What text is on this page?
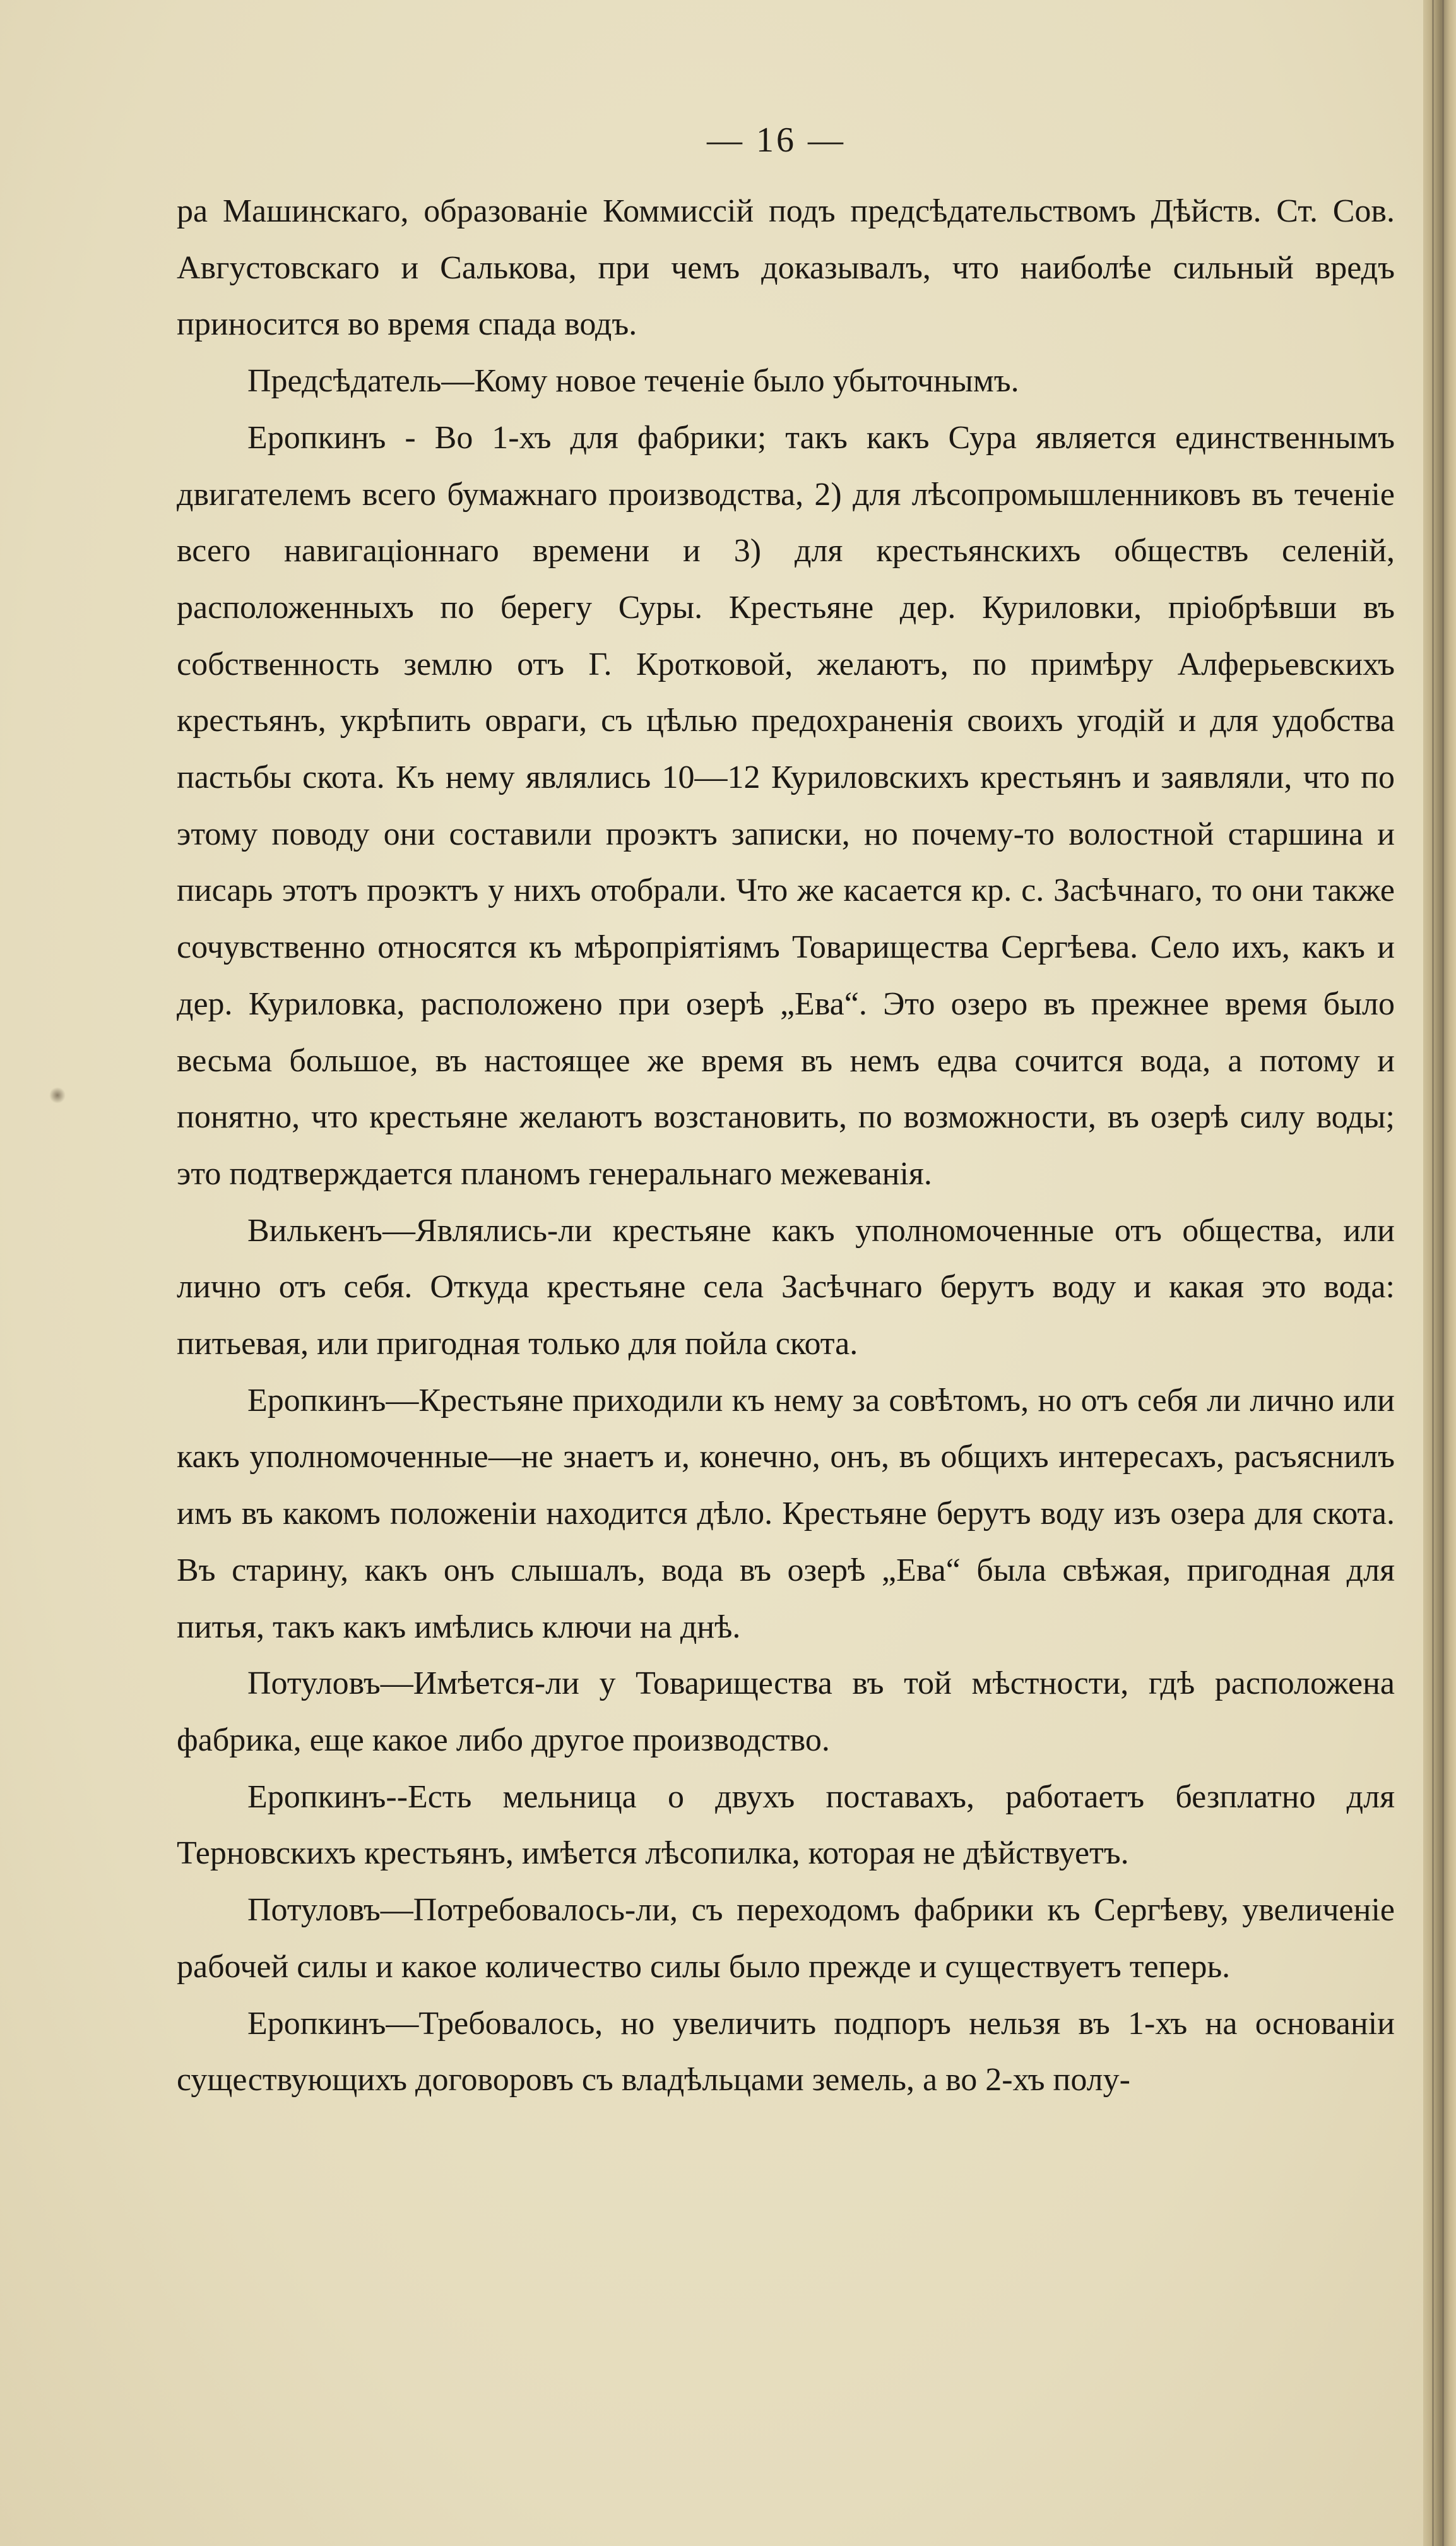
— 16 —

ра Машинскаго, образованіе Коммиссій подъ предсѣдательствомъ Дѣйств. Ст. Сов. Августовскаго и Салькова, при чемъ доказывалъ, что наиболѣе сильный вредъ приносится во время спада водъ.

Предсѣдатель—Кому новое теченіе было убыточнымъ.

Еропкинъ - Во 1-хъ для фабрики; такъ какъ Сура является единственнымъ двигателемъ всего бумажнаго производства, 2) для лѣсопромышленниковъ въ теченіе всего навигаціоннаго времени и 3) для крестьянскихъ обществъ селеній, расположенныхъ по берегу Суры. Крестьяне дер. Куриловки, пріобрѣвши въ собственность землю отъ Г. Кротковой, желаютъ, по примѣру Алферьевскихъ крестьянъ, укрѣпить овраги, съ цѣлью предохраненія своихъ угодій и для удобства пастьбы скота. Къ нему являлись 10—12 Куриловскихъ крестьянъ и заявляли, что по этому поводу они составили проэктъ записки, но почему-то волостной старшина и писарь этотъ проэктъ у нихъ отобрали. Что же касается кр. с. Засѣчнаго, то они также сочувственно относятся къ мѣропріятіямъ Товарищества Сергѣева. Село ихъ, какъ и дер. Куриловка, расположено при озерѣ „Ева“. Это озеро въ прежнее время было весьма большое, въ настоящее же время въ немъ едва сочится вода, а потому и понятно, что крестьяне желаютъ возстановить, по возможности, въ озерѣ силу воды; это подтверждается планомъ генеральнаго межеванія.

Вилькенъ—Являлись-ли крестьяне какъ уполномоченные отъ общества, или лично отъ себя. Откуда крестьяне села Засѣчнаго берутъ воду и какая это вода: питьевая, или пригодная только для пойла скота.

Еропкинъ—Крестьяне приходили къ нему за совѣтомъ, но отъ себя ли лично или какъ уполномоченные—не знаетъ и, конечно, онъ, въ общихъ интересахъ, расъяснилъ имъ въ какомъ положеніи находится дѣло. Крестьяне берутъ воду изъ озера для скота. Въ старину, какъ онъ слышалъ, вода въ озерѣ „Ева“ была свѣжая, пригодная для питья, такъ какъ имѣлись ключи на днѣ.

Потуловъ—Имѣется-ли у Товарищества въ той мѣстности, гдѣ расположена фабрика, еще какое либо другое производство.

Еропкинъ--Есть мельница о двухъ поставахъ, работаетъ безплатно для Терновскихъ крестьянъ, имѣется лѣсопилка, которая не дѣйствуетъ.

Потуловъ—Потребовалось-ли, съ переходомъ фабрики къ Сергѣеву, увеличеніе рабочей силы и какое количество силы было прежде и существуетъ теперь.

Еропкинъ—Требовалось, но увеличить подпоръ нельзя въ 1-хъ на основаніи существующихъ договоровъ съ владѣльцами земель, а во 2-хъ полу-
